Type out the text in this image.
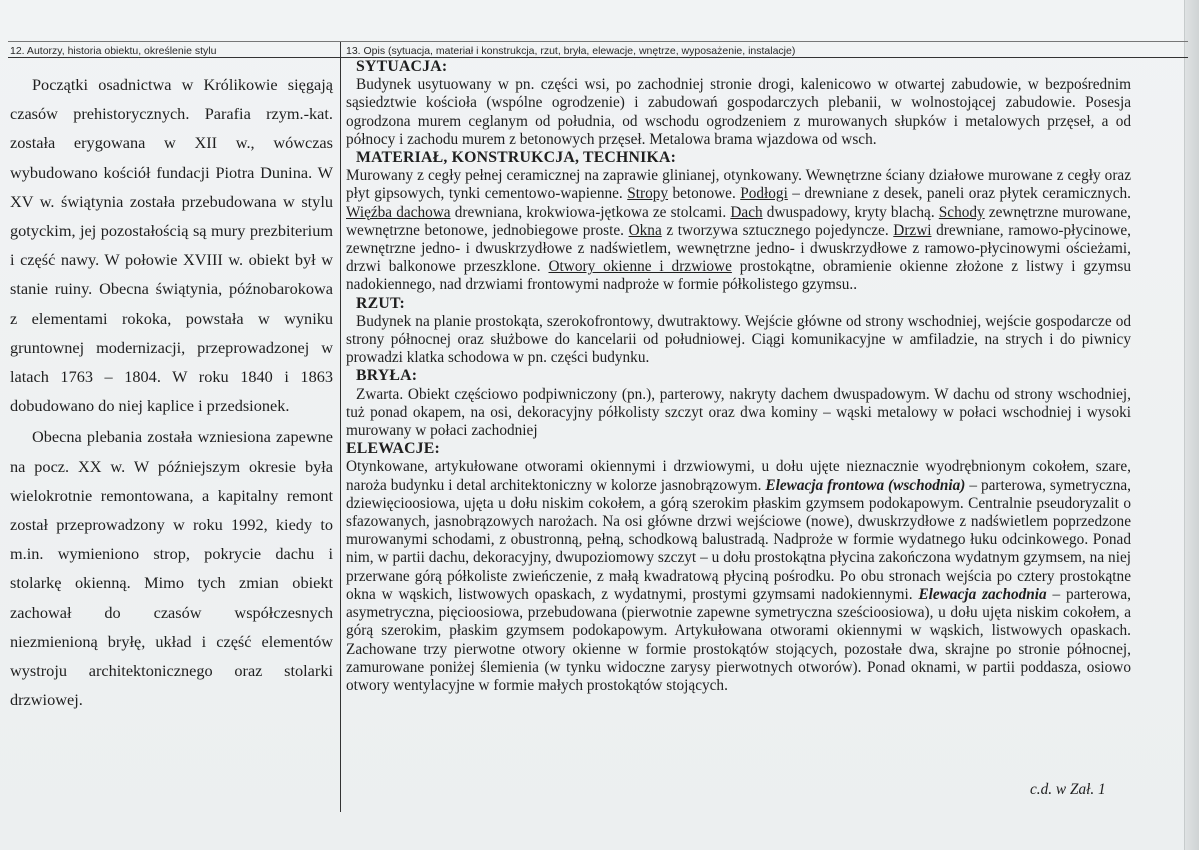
12. Autorzy, historia obiektu, określenie stylu	13. Opis (sytuacja, materiał i konstrukcja, rzut, bryła, elewacje, wnętrze, wyposażenie, instalacje)

Początki osadnictwa w Królikowie sięgają czasów prehistorycznych. Parafia rzym.-kat. została erygowana w XII w., wówczas wybudowano kościół fundacji Piotra Dunina. W XV w. świątynia została przebudowana w stylu gotyckim, jej pozostałością są mury prezbiterium i część nawy. W połowie XVIII w. obiekt był w stanie ruiny. Obecna świątynia, późnobarokowa z elementami rokoka, powstała w wyniku gruntownej modernizacji, przeprowadzonej w latach 1763 – 1804. W roku 1840 i 1863 dobudowano do niej kaplice i przedsionek.

Obecna plebania została wzniesiona zapewne na pocz. XX w. W późniejszym okresie była wielokrotnie remontowana, a kapitalny remont został przeprowadzony w roku 1992, kiedy to m.in. wymieniono strop, pokrycie dachu i stolarkę okienną. Mimo tych zmian obiekt zachował do czasów współczesnych niezmienioną bryłę, układ i część elementów wystroju architektonicznego oraz stolarki drzwiowej.

SYTUACJA:

Budynek usytuowany w pn. części wsi, po zachodniej stronie drogi, kalenicowo w otwartej zabudowie, w bezpośrednim sąsiedztwie kościoła (wspólne ogrodzenie) i zabudowań gospodarczych plebanii, w wolnostojącej zabudowie. Posesja ogrodzona murem ceglanym od południa, od wschodu ogrodzeniem z murowanych słupków i metalowych przęseł, a od północy i zachodu murem z betonowych przęseł. Metalowa brama wjazdowa od wsch.

MATERIAŁ, KONSTRUKCJA, TECHNIKA:

Murowany z cegły pełnej ceramicznej na zaprawie glinianej, otynkowany. Wewnętrzne ściany działowe murowane z cegły oraz płyt gipsowych, tynki cementowo-wapienne. Stropy betonowe. Podłogi – drewniane z desek, paneli oraz płytek ceramicznych. Więźba dachowa drewniana, krokwiowa-jętkowa ze stolcami. Dach dwuspadowy, kryty blachą. Schody zewnętrzne murowane, wewnętrzne betonowe, jednobiegowe proste. Okna z tworzywa sztucznego pojedyncze. Drzwi drewniane, ramowo-płycinowe, zewnętrzne jedno- i dwuskrzydłowe z nadświetlem, wewnętrzne jedno- i dwuskrzydłowe z ramowo-płycinowymi ościeżami, drzwi balkonowe przeszklone. Otwory okienne i drzwiowe prostokątne, obramienie okienne złożone z listwy i gzymsu nadokiennego, nad drzwiami frontowymi nadproże w formie półkolistego gzymsu..

RZUT:

Budynek na planie prostokąta, szerokofrontowy, dwutraktowy. Wejście główne od strony wschodniej, wejście gospodarcze od strony północnej oraz służbowe do kancelarii od południowej. Ciągi komunikacyjne w amfiladzie, na strych i do piwnicy prowadzi klatka schodowa w pn. części budynku.

BRYŁA:

Zwarta. Obiekt częściowo podpiwniczony (pn.), parterowy, nakryty dachem dwuspadowym. W dachu od strony wschodniej, tuż ponad okapem, na osi, dekoracyjny półkolisty szczyt oraz dwa kominy – wąski metalowy w połaci wschodniej i wysoki murowany w połaci zachodniej

ELEWACJE:

Otynkowane, artykułowane otworami okiennymi i drzwiowymi, u dołu ujęte nieznacznie wyodrębnionym cokołem, szare, naroża budynku i detal architektoniczny w kolorze jasnobrązowym. Elewacja frontowa (wschodnia) – parterowa, symetryczna, dziewięcioosiowa, ujęta u dołu niskim cokołem, a górą szerokim płaskim gzymsem podokapowym. Centralnie pseudoryzalit o sfazowanych, jasnobrązowych narożach. Na osi główne drzwi wejściowe (nowe), dwuskrzydłowe z nadświetlem poprzedzone murowanymi schodami, z obustronną, pełną, schodkową balustradą. Nadproże w formie wydatnego łuku odcinkowego. Ponad nim, w partii dachu, dekoracyjny, dwupoziomowy szczyt – u dołu prostokątna płycina zakończona wydatnym gzymsem, na niej przerwane górą półkoliste zwieńczenie, z małą kwadratową płyciną pośrodku. Po obu stronach wejścia po cztery prostokątne okna w wąskich, listwowych opaskach, z wydatnymi, prostymi gzymsami nadokiennymi. Elewacja zachodnia – parterowa, asymetryczna, pięcioosiowa, przebudowana (pierwotnie zapewne symetryczna sześcioosiowa), u dołu ujęta niskim cokołem, a górą szerokim, płaskim gzymsem podokapowym. Artykułowana otworami okiennymi w wąskich, listwowych opaskach. Zachowane trzy pierwotne otwory okienne w formie prostokątów stojących, pozostałe dwa, skrajne po stronie północnej, zamurowane poniżej ślemienia (w tynku widoczne zarysy pierwotnych otworów). Ponad oknami, w partii poddasza, osiowo otwory wentylacyjne w formie małych prostokątów stojących.

c.d. w Zał. 1
